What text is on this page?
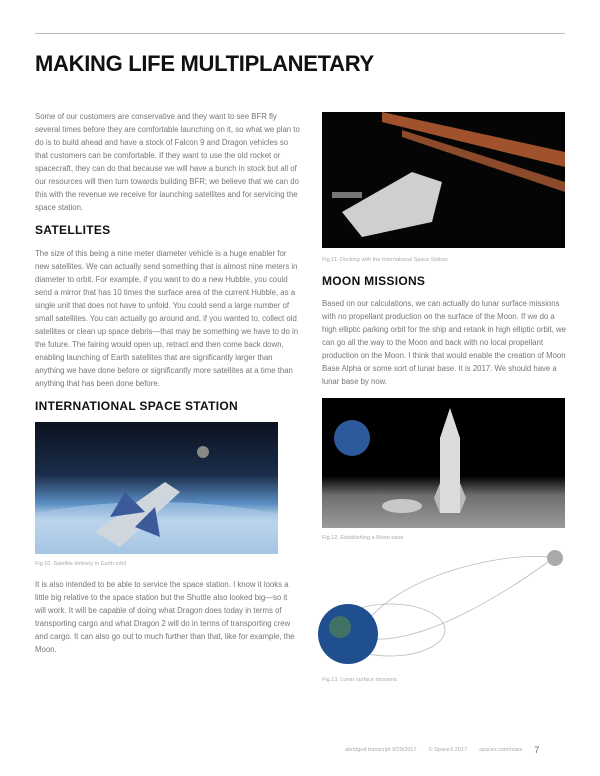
MAKING LIFE MULTIPLANETARY

Some of our customers are conservative and they want to see BFR fly several times before they are comfortable launching on it, so what we plan to do is to build ahead and have a stock of Falcon 9 and Dragon vehicles so that customers can be comfortable. If they want to use the old rocket or spacecraft, they can do that because we will have a bunch in stock but all of our resources will then turn towards building BFR; we believe that we can do this with the revenue we receive for launching satellites and for servicing the space station.

SATELLITES

The size of this being a nine meter diameter vehicle is a huge enabler for new satellites. We can actually send something that is almost nine meters in diameter to orbit. For example, if you want to do a new Hubble, you could send a mirror that has 10 times the surface area of the current Hubble, as a single unit that does not have to unfold. You could send a large number of small satellites. You can actually go around and, if you wanted to, collect old satellites or clean up space debris—that may be something we have to do in the future. The fairing would open up, retract and then come back down, enabling launching of Earth satellites that are significantly larger than anything we have done before or significantly more satellites at a time than anything that has been done before.

INTERNATIONAL SPACE STATION
Fig.10. Satellite delivery in Earth orbit

It is also intended to be able to service the space station. I know it looks a little big relative to the space station but the Shuttle also looked big—so it will work. It will be capable of doing what Dragon does today in terms of transporting cargo and what Dragon 2 will do in terms of transporting crew and cargo. It can also go out to much further than that, like for example, the Moon.

Fig.11. Docking with the International Space Station
MOON MISSIONS

Based on our calculations, we can actually do lunar surface missions with no propellant production on the surface of the Moon. If we do a high elliptic parking orbit for the ship and retank in high elliptic orbit, we can go all the way to the Moon and back with no local propellant production on the Moon. I think that would enable the creation of Moon Base Alpha or some sort of lunar base. It is 2017. We should have a lunar base by now.

Fig.12. Establishing a Moon base
Fig.13. Lunar surface missions
abridged transcript 9/29/2017 © SpaceX 2017 spacex.com/mars 7
